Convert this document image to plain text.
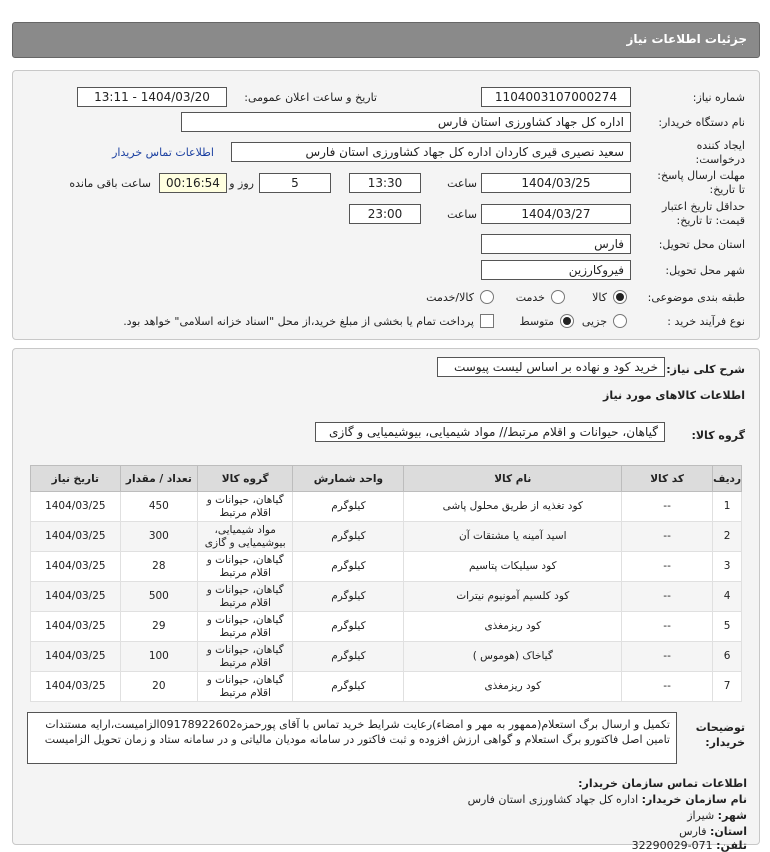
جزئیات اطلاعات نیاز
شماره نیاز:
1104003107000274
تاریخ و ساعت اعلان عمومی:
1404/03/20 - 13:11
نام دستگاه خریدار:
اداره کل جهاد کشاورزی استان فارس
ایجاد کننده
درخواست:
سعید نصیری قیری کاردان اداره کل جهاد کشاورزی استان فارس
اطلاعات تماس خریدار
مهلت ارسال پاسخ:
تا تاریخ:
1404/03/25
ساعت
13:30
5
روز و
00:16:54
ساعت باقی مانده
حداقل تاریخ اعتبار
قیمت: تا تاریخ:
1404/03/27
ساعت
23:00
استان محل تحویل:
فارس
شهر محل تحویل:
فیروکارزین
طبقه بندی موضوعی:
کالا
خدمت
کالا/خدمت
نوع فرآیند خرید :
جزیی
متوسط
پرداخت تمام یا بخشی از مبلغ خرید،از محل "اسناد خزانه اسلامی" خواهد بود.
شرح کلی نیاز:
خرید کود و نهاده بر اساس لیست پیوست
اطلاعات کالاهای مورد نیاز
گروه کالا:
گیاهان، حیوانات و اقلام مرتبط// مواد شیمیایی، بیوشیمیایی و گازی
ردیف	کد کالا	نام کالا	واحد شمارش	گروه کالا	تعداد / مقدار	تاریخ نیاز
1	--	کود تغذیه از طریق محلول پاشی	کیلوگرم	گیاهان، حیوانات و اقلام مرتبط	450	1404/03/25
2	--	اسید آمینه یا مشتقات آن	کیلوگرم	مواد شیمیایی، بیوشیمیایی و گازی	300	1404/03/25
3	--	کود سیلیکات پتاسیم	کیلوگرم	گیاهان، حیوانات و اقلام مرتبط	28	1404/03/25
4	--	کود کلسیم آمونیوم نیترات	کیلوگرم	گیاهان، حیوانات و اقلام مرتبط	500	1404/03/25
5	--	کود ریزمغذی	کیلوگرم	گیاهان، حیوانات و اقلام مرتبط	29	1404/03/25
6	--	گیاخاک (هوموس )	کیلوگرم	گیاهان، حیوانات و اقلام مرتبط	100	1404/03/25
7	--	کود ریزمغذی	کیلوگرم	گیاهان، حیوانات و اقلام مرتبط	20	1404/03/25
توضیحات
خریدار:
تکمیل و ارسال برگ استعلام(ممهور به مهر و امضاء)رعایت شرایط خرید تماس با آقای پورحمزه09178922602الزامیست،ارایه مستندات تامین اصل فاکتورو برگ استعلام و گواهی ارزش افزوده و ثبت فاکتور در سامانه مودیان مالیاتی و در سامانه ستاد و زمان تحویل الزامیست
اطلاعات تماس سازمان خریدار:
نام سازمان خریدار: اداره کل جهاد کشاورزی استان فارس
شهر: شیراز
استان: فارس
تلفن: 071-32290029
